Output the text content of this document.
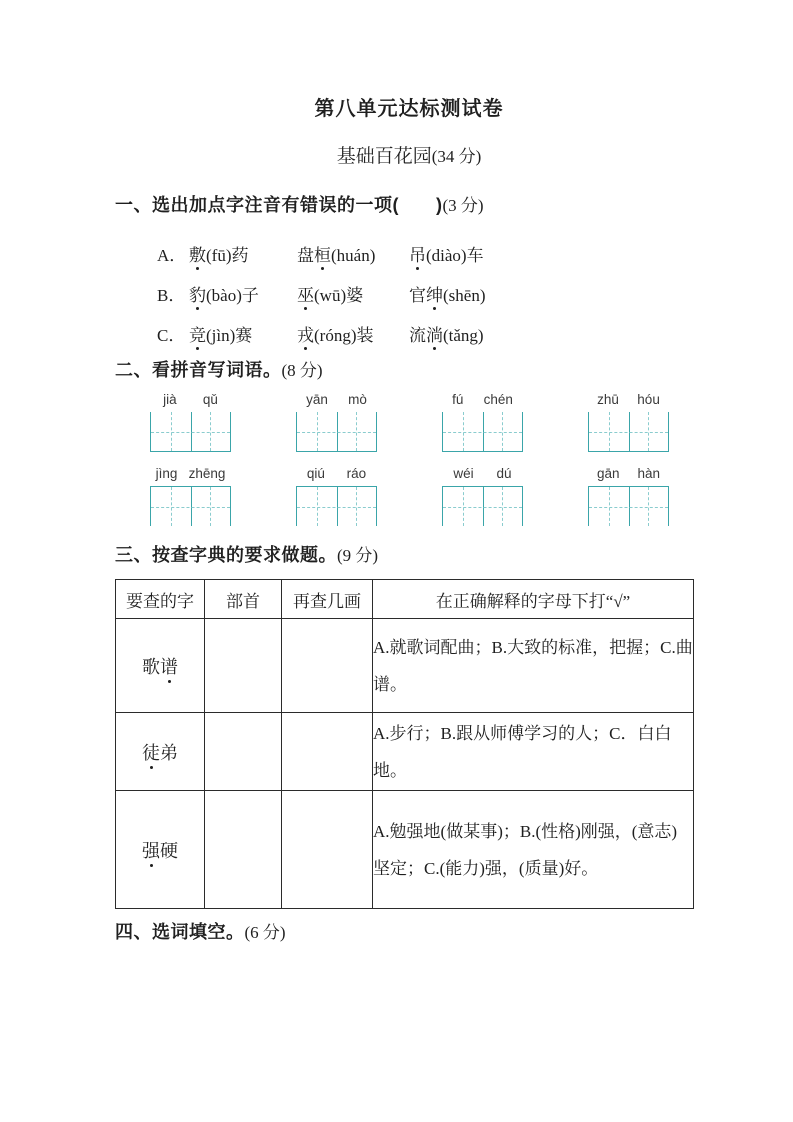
第八单元达标测试卷
基础百花园(34 分)
一、选出加点字注音有错误的一项(　　)(3 分)
A． 敷(fū)药	盘桓(huán)	吊(diào)车
B． 豹(bào)子	巫(wū)婆	官绅(shēn)
C． 竞(jìn)赛	戎(róng)装	流淌(tǎng)
二、看拼音写词语。(8 分)
jià qǔ	yān mò	fú chén	zhū hóu
jìng zhēng	qiú ráo	wéi dú	gān hàn
三、按查字典的要求做题。(9 分)
要查的字	部首	再查几画	在正确解释的字母下打“√”
歌谱			A.就歌词配曲；B.大致的标准，把握；C.曲谱。
徒弟			A.步行；B.跟从师傅学习的人；C．白白地。
强硬			A.勉强地(做某事)；B.(性格)刚强，(意志)坚定；C.(能力)强，(质量)好。
四、选词填空。(6 分)
